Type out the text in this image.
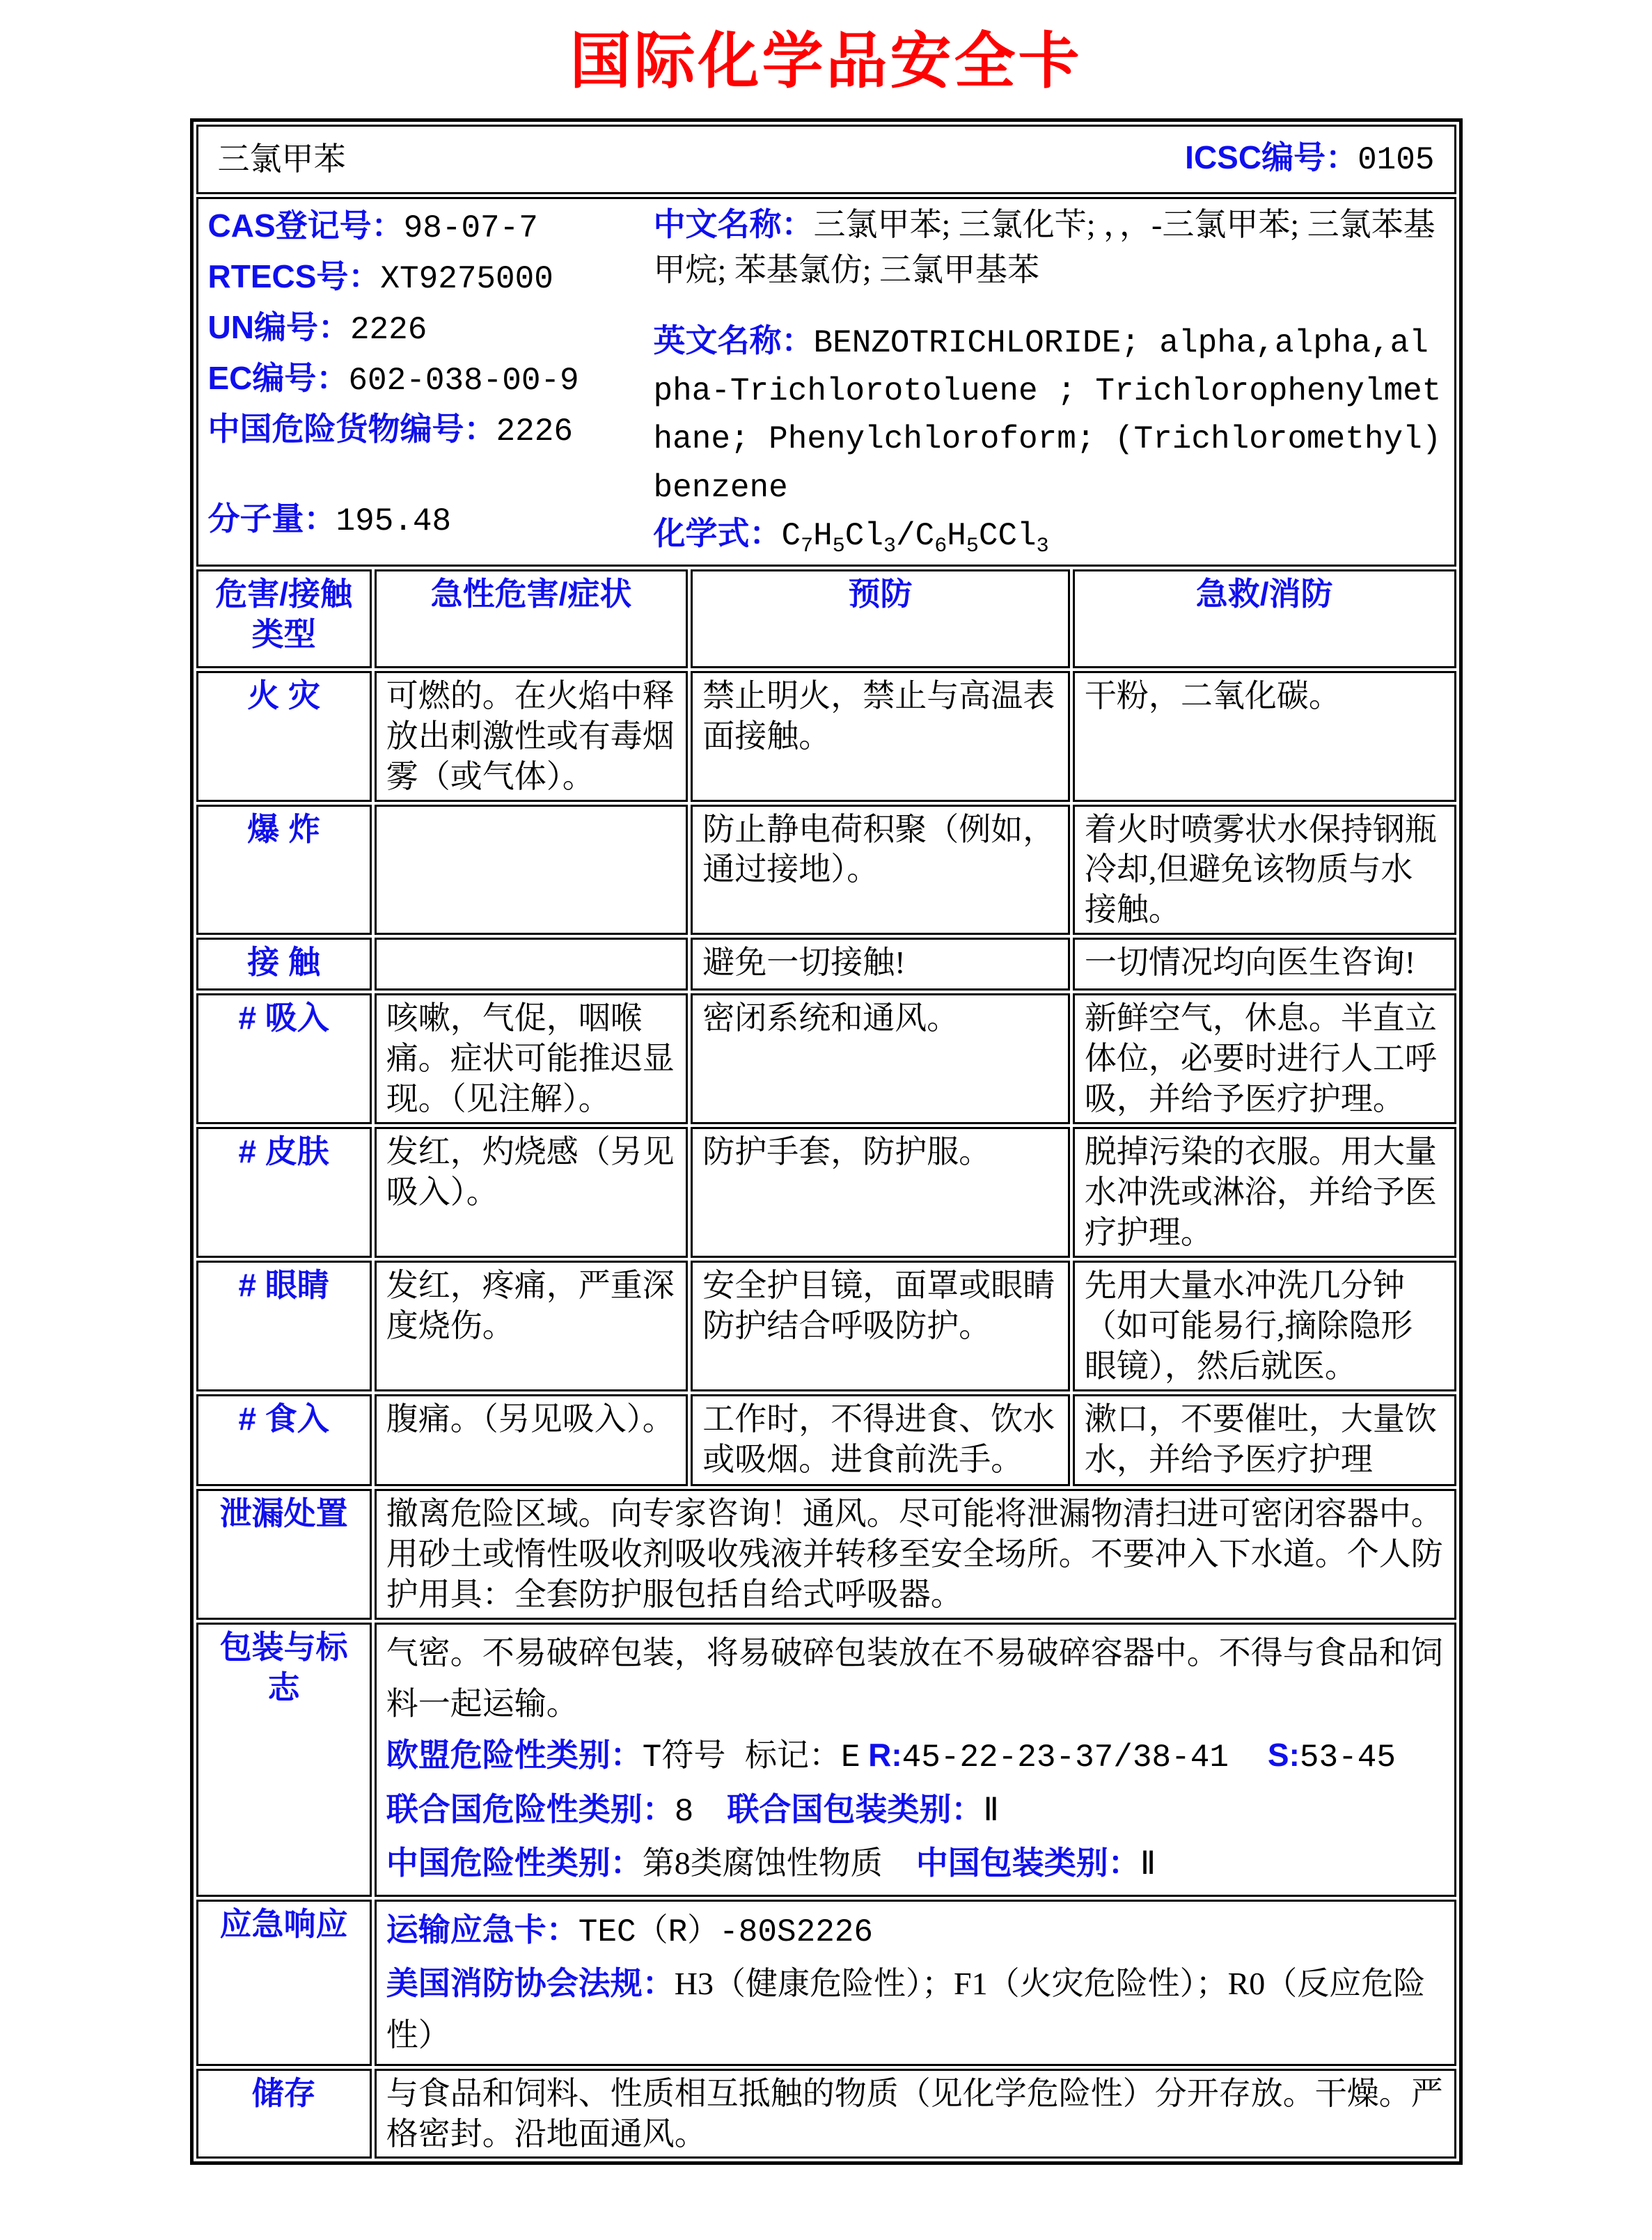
国际化学品安全卡
三氯甲苯 ICSC编号：0105			

CAS登记号：98-07-7

RTECS号：XT9275000

UN编号：2226

EC编号：602-038-00-9

中国危险货物编号：2226

分子量：195.48

中文名称：三氯甲苯; 三氯化苄; ，，-三氯甲苯; 三氯苯基甲烷; 苯基氯仿; 三氯甲基苯

英文名称：BENZOTRICHLORIDE; alpha,alpha,alpha-Trichlorotoluene ; Trichlorophenylmethane; Phenylchloroform; (Trichloromethyl)benzene

化学式：$C_7H_5Cl_3/C_6H_5CCl_3$

危害/接触类型	急性危害/症状	预防	急救/消防
火 灾	可燃的。在火焰中释放出刺激性或有毒烟雾（或气体）。	禁止明火，禁止与高温表面接触。	干粉，二氧化碳。
爆 炸		防止静电荷积聚（例如，通过接地）。	着火时喷雾状水保持钢瓶冷却,但避免该物质与水接触。
接 触		避免一切接触!	一切情况均向医生咨询!
# 吸入	咳嗽，气促，咽喉痛。症状可能推迟显现。（见注解）。	密闭系统和通风。	新鲜空气，休息。半直立体位，必要时进行人工呼吸，并给予医疗护理。
# 皮肤	发红，灼烧感（另见吸入）。	防护手套，防护服。	脱掉污染的衣服。用大量水冲洗或淋浴，并给予医疗护理。
# 眼睛	发红，疼痛，严重深度烧伤。	安全护目镜，面罩或眼睛防护结合呼吸防护。	先用大量水冲洗几分钟（如可能易行,摘除隐形眼镜），然后就医。
# 食入	腹痛。（另见吸入）。	工作时，不得进食、饮水或吸烟。进食前洗手。	漱口，不要催吐，大量饮水，并给予医疗护理
泄漏处置	撤离危险区域。向专家咨询！通风。尽可能将泄漏物清扫进可密闭容器中。用砂土或惰性吸收剂吸收残液并转移至安全场所。不要冲入下水道。个人防护用具：全套防护服包括自给式呼吸器。		
包装与标志	气密。不易破碎包装，将易破碎包装放在不易破碎容器中。不得与食品和饲料一起运输。

欧盟危险性类别：T符号 标记：E R:45-22-23-37/38-41 S:53-45

联合国危险性类别：8 联合国包装类别：Ⅱ

中国危险性类别：第8类腐蚀性物质 中国包装类别：Ⅱ		

应急响应	运输应急卡：TEC（R）-80S2226

美国消防协会法规：H3（健康危险性）；F1（火灾危险性）；R0（反应危险性）		

储存	与食品和饲料、性质相互抵触的物质（见化学危险性）分开存放。干燥。严格密封。沿地面通风。		
